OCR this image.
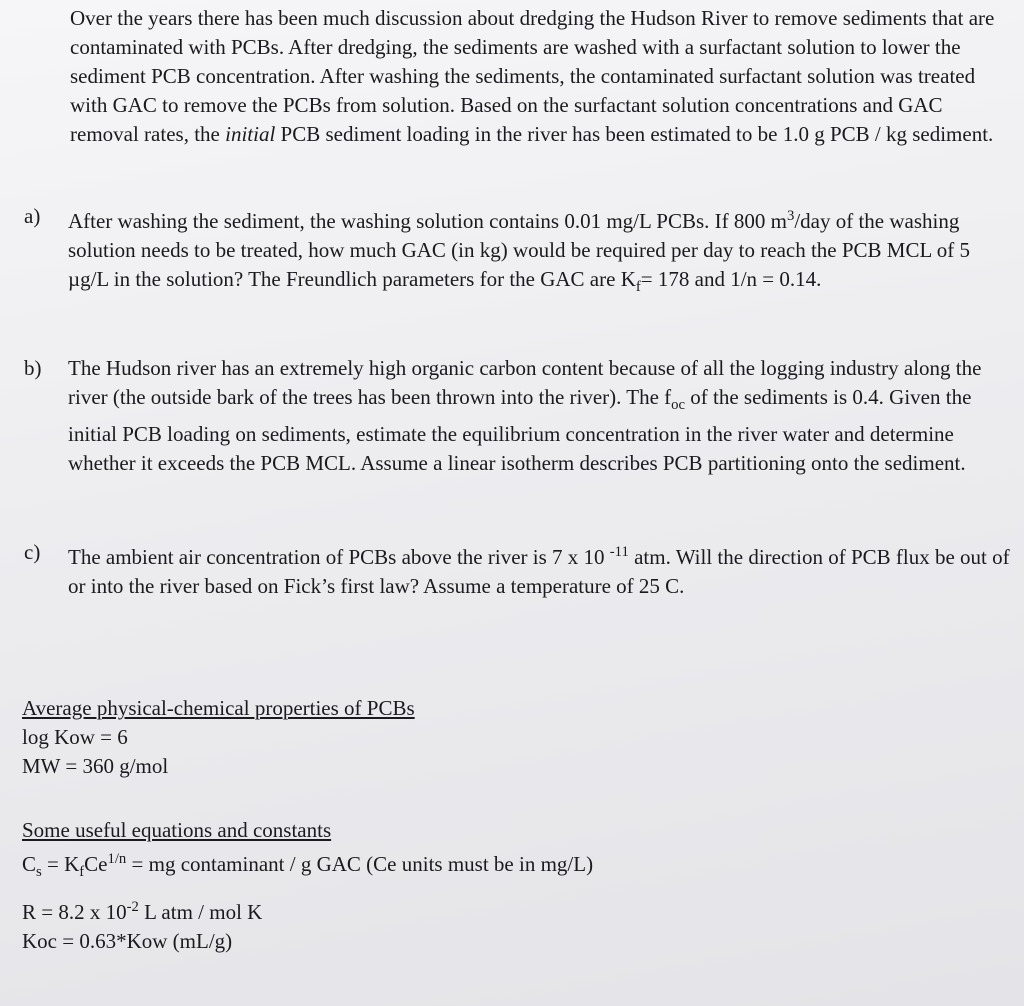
Over the years there has been much discussion about dredging the Hudson River to remove sediments that are contaminated with PCBs. After dredging, the sediments are washed with a surfactant solution to lower the sediment PCB concentration. After washing the sediments, the contaminated surfactant solution was treated with GAC to remove the PCBs from solution. Based on the surfactant solution concentrations and GAC removal rates, the initial PCB sediment loading in the river has been estimated to be 1.0 g PCB / kg sediment.

a)	After washing the sediment, the washing solution contains 0.01 mg/L PCBs. If 800 $m^3$/day of the washing solution needs to be treated, how much GAC (in kg) would be required per day to reach the PCB MCL of 5 µg/L in the solution? The Freundlich parameters for the GAC are $K_f= 178$ and 1/n = 0.14.
b)	The Hudson river has an extremely high organic carbon content because of all the logging industry along the river (the outside bark of the trees has been thrown into the river). The $f_{oc}$ of the sediments is 0.4. Given the initial PCB loading on sediments, estimate the equilibrium concentration in the river water and determine whether it exceeds the PCB MCL. Assume a linear isotherm describes PCB partitioning onto the sediment.
c)	The ambient air concentration of PCBs above the river is 7 x 10 $^{-11}$ atm. Will the direction of PCB flux be out of or into the river based on Fick’s first law? Assume a temperature of 25 C.
Average physical-chemical properties of PCBs
log Kow = 6
MW = 360 g/mol
Some useful equations and constants
$C_s = K_fCe^{1/n}$ = mg contaminant / g GAC (Ce units must be in mg/L)
R = 8.2 x $10^{-2}$ L atm / mol K
Koc = 0.63*Kow (mL/g)
